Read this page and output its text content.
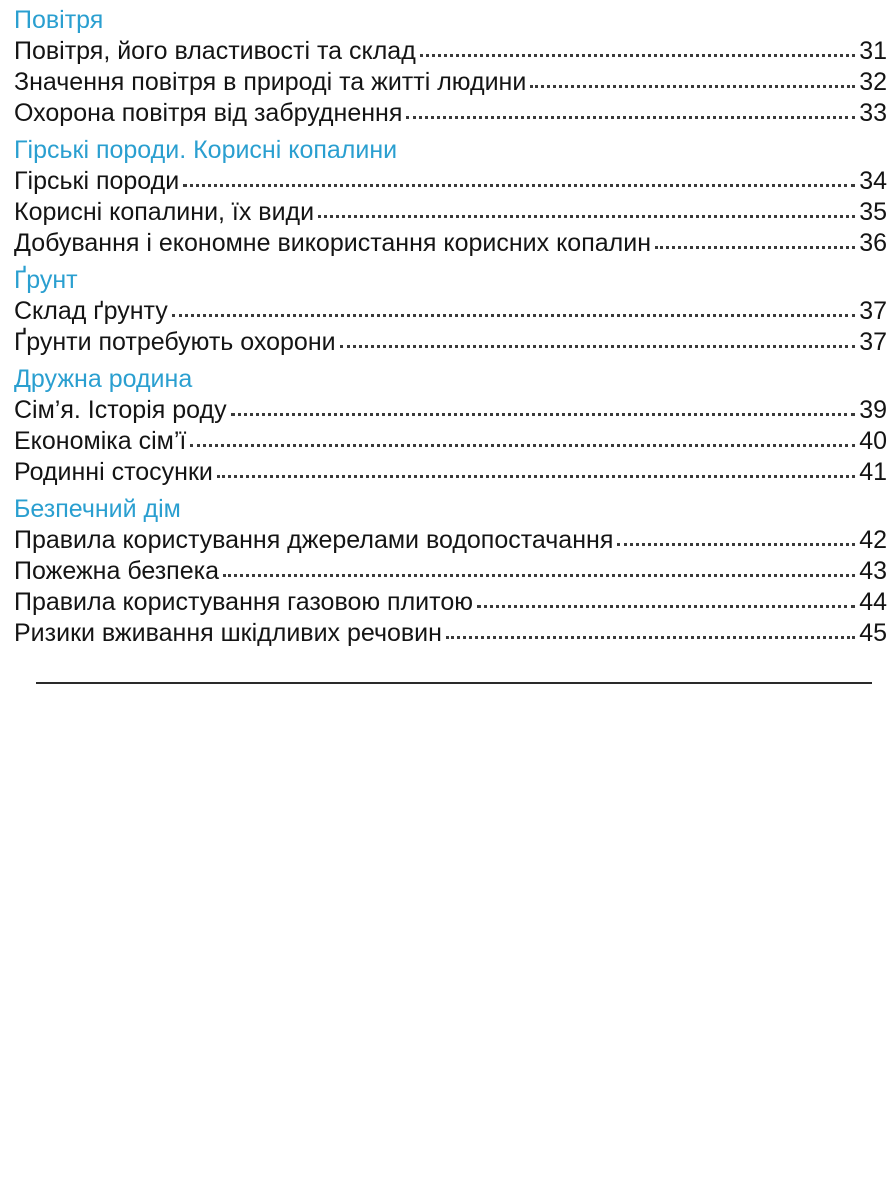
Повітря
Повітря, його властивості та склад	31
Значення повітря в природі та житті людини	32
Охорона повітря від забруднення	33
Гірські породи. Корисні копалини
Гірські породи	34
Корисні копалини, їх види	35
Добування і економне використання корисних копалин	36
Ґрунт
Склад ґрунту	37
Ґрунти потребують охорони	37
Дружна родина
Сім’я. Історія роду	39
Економіка сім’ї	40
Родинні стосунки	41
Безпечний дім
Правила користування джерелами водопостачання	42
Пожежна безпека	43
Правила користування газовою плитою	44
Ризики вживання шкідливих речовин	45
